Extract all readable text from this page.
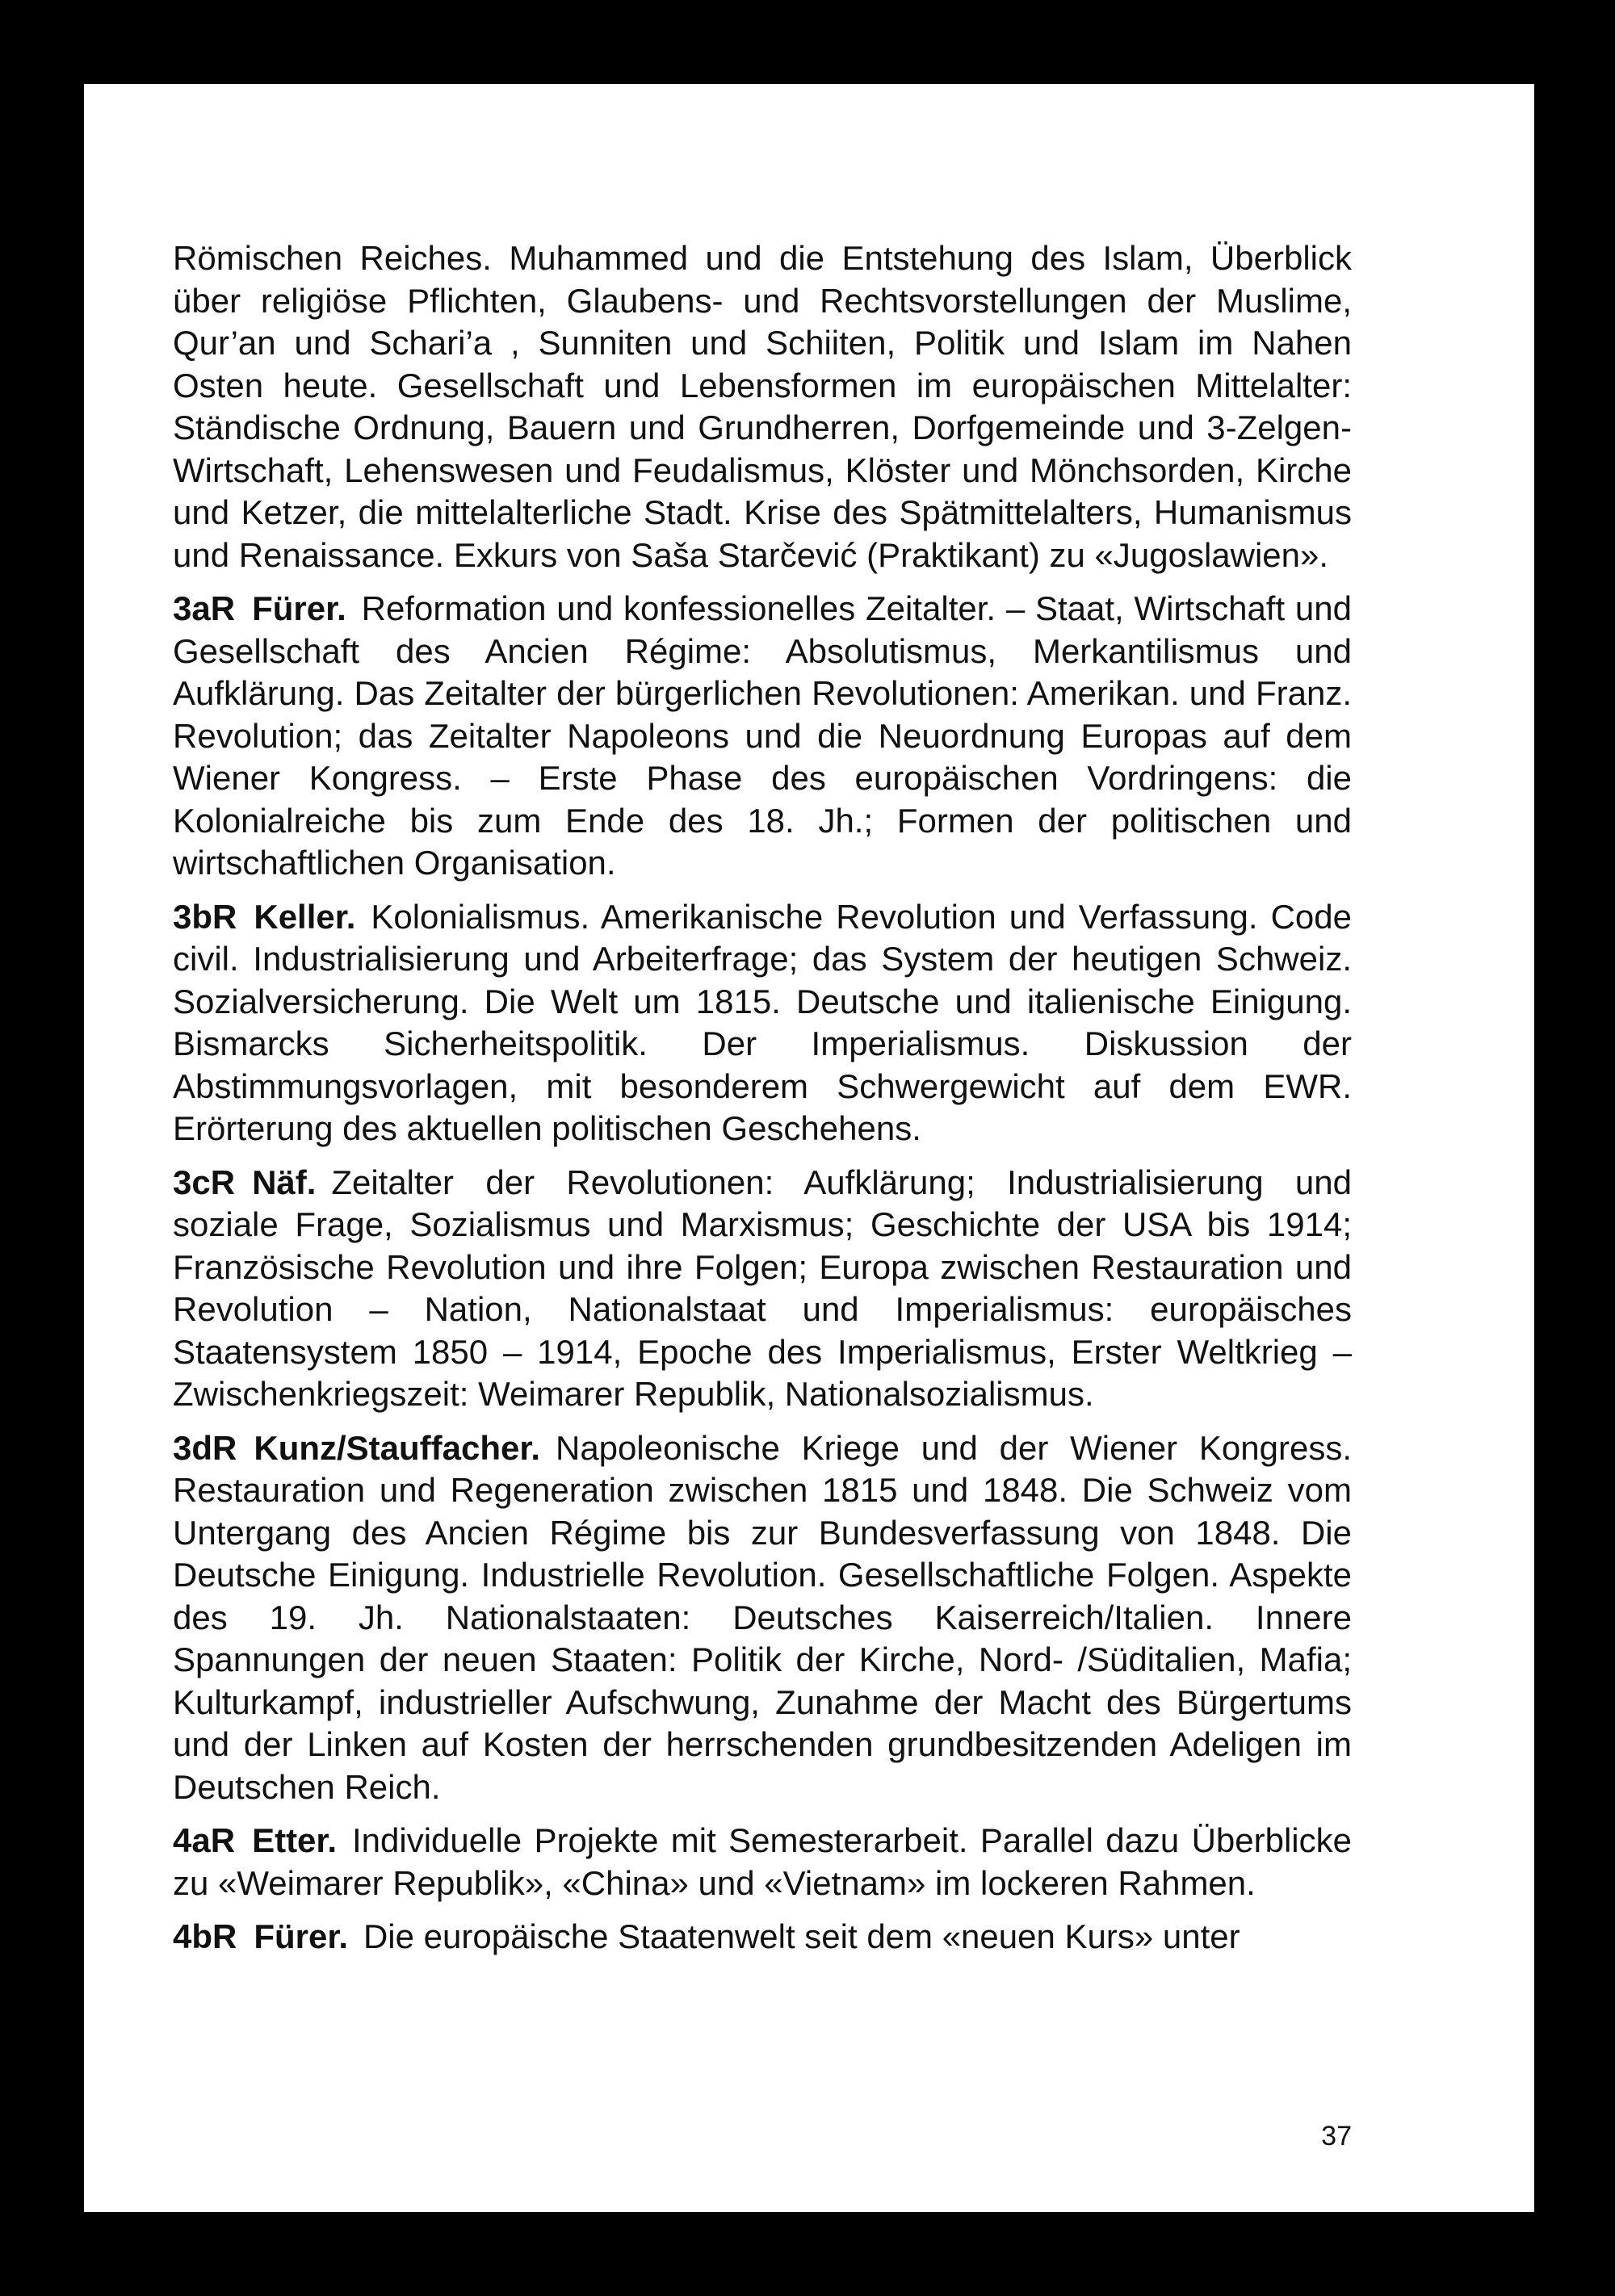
Römischen Reiches. Muhammed und die Entstehung des Islam, Überblick über religiöse Pflichten, Glaubens- und Rechtsvorstellungen der Muslime, Qur’an und Schari’a , Sunniten und Schiiten, Politik und Islam im Nahen Osten heute. Gesellschaft und Lebensformen im europäischen Mittelalter: Ständische Ordnung, Bauern und Grundherren, Dorfgemeinde und 3-Zelgen-Wirtschaft, Lehenswesen und Feudalismus, Klöster und Mönchsorden, Kirche und Ketzer, die mittelalterliche Stadt. Krise des Spätmittelalters, Humanismus und Renaissance. Exkurs von Saša Starčević (Praktikant) zu «Jugoslawien».

3aR Fürer. Reformation und konfessionelles Zeitalter. – Staat, Wirtschaft und Gesellschaft des Ancien Régime: Absolutismus, Merkantilismus und Aufklärung. Das Zeitalter der bürgerlichen Revolutionen: Amerikan. und Franz. Revolution; das Zeitalter Napoleons und die Neuordnung Europas auf dem Wiener Kongress. – Erste Phase des europäischen Vordringens: die Kolonialreiche bis zum Ende des 18. Jh.; Formen der politischen und wirtschaftlichen Organisation.

3bR Keller. Kolonialismus. Amerikanische Revolution und Verfassung. Code civil. Industrialisierung und Arbeiterfrage; das System der heutigen Schweiz. Sozialversicherung. Die Welt um 1815. Deutsche und italienische Einigung. Bismarcks Sicherheitspolitik. Der Imperialismus. Diskussion der Abstimmungsvorlagen, mit besonderem Schwergewicht auf dem EWR. Erörterung des aktuellen politischen Geschehens.

3cR Näf. Zeitalter der Revolutionen: Aufklärung; Industrialisierung und soziale Frage, Sozialismus und Marxismus; Geschichte der USA bis 1914; Französische Revolution und ihre Folgen; Europa zwischen Restauration und Revolution – Nation, Nationalstaat und Imperialismus: europäisches Staatensystem 1850 – 1914, Epoche des Imperialismus, Erster Weltkrieg – Zwischenkriegszeit: Weimarer Republik, Nationalsozialismus.

3dR Kunz/Stauffacher. Napoleonische Kriege und der Wiener Kongress. Restauration und Regeneration zwischen 1815 und 1848. Die Schweiz vom Untergang des Ancien Régime bis zur Bundesverfassung von 1848. Die Deutsche Einigung. Industrielle Revolution. Gesellschaftliche Folgen. Aspekte des 19. Jh. Nationalstaaten: Deutsches Kaiserreich/Italien. Innere Spannungen der neuen Staaten: Politik der Kirche, Nord- /Süditalien, Mafia; Kulturkampf, industrieller Aufschwung, Zunahme der Macht des Bürgertums und der Linken auf Kosten der herrschenden grundbesitzenden Adeligen im Deutschen Reich.

4aR Etter. Individuelle Projekte mit Semesterarbeit. Parallel dazu Überblicke zu «Weimarer Republik», «China» und «Vietnam» im lockeren Rahmen.

4bR Fürer. Die europäische Staatenwelt seit dem «neuen Kurs» unter

37
